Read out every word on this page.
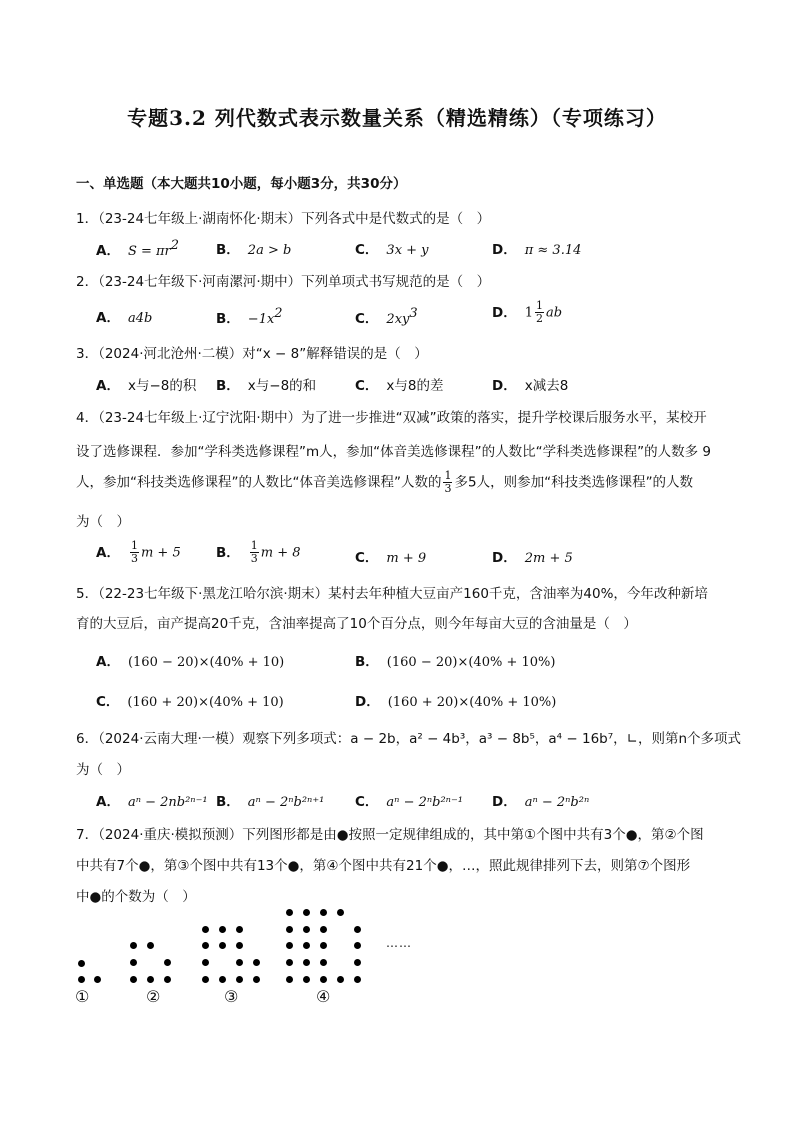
专题3.2 列代数式表示数量关系（精选精练）（专项练习）
一、单选题（本大题共10小题，每小题3分，共30分）
1．（23-24七年级上·湖南怀化·期末）下列各式中是代数式的是（　）
A． $S = \pi r^2$	B． 2a > b	C． 3x + y	D． π ≈ 3.14
2．（23-24七年级下·河南漯河·期中）下列单项式书写规范的是（　）
A． a4b	B． $-1x^2$	C． $2xy^3$	D． $1 \frac{1}{2}$ ab
3．（2024·河北沧州·二模）对“x − 8”解释错误的是（　）
A． x与−8的积 B． x与−8的和	C． x与8的差	D． x减去8
4．（23-24七年级上·辽宁沈阳·期中）为了进一步推进“双减”政策的落实，提升学校课后服务水平，某校开
设了选修课程．参加“学科类选修课程”m人，参加“体音美选修课程”的人数比“学科类选修课程”的人数多 9
人，参加“科技类选修课程”的人数比“体音美选修课程”人数的 $\frac{1}{3}$ 多5人，则参加“科技类选修课程”的人数
为（　）
A． $\frac{1}{3}$ m + 5	B． $\frac{1}{3}$ m + 8	C． m + 9	D． 2m + 5
5．（22-23七年级下·黑龙江哈尔滨·期末）某村去年种植大豆亩产160千克，含油率为40%，今年改种新培
育的大豆后，亩产提高20千克，含油率提高了10个百分点，则今年每亩大豆的含油量是（　）
A． (160 − 20)×(40% + 10)	B． (160 − 20)×(40% + 10%)
C． (160 + 20)×(40% + 10)	D． (160 + 20)×(40% + 10%)
6．（2024·云南大理·一模）观察下列多项式：a − 2b，a² − 4b³，a³ − 8b⁵，a⁴ − 16b⁷，∟，则第n个多项式
为（　）
A． aⁿ − 2nb²ⁿ⁻¹ B． aⁿ − 2ⁿb²ⁿ⁺¹ C． aⁿ − 2ⁿb²ⁿ⁻¹ D． aⁿ − 2ⁿb²ⁿ
7．（2024·重庆·模拟预测）下列图形都是由●按照一定规律组成的，其中第①个图中共有3个●，第②个图
中共有7个●，第③个图中共有13个●，第④个图中共有21个●，…，照此规律排列下去，则第⑦个图形
中●的个数为（　）
……
①	②	③	④
